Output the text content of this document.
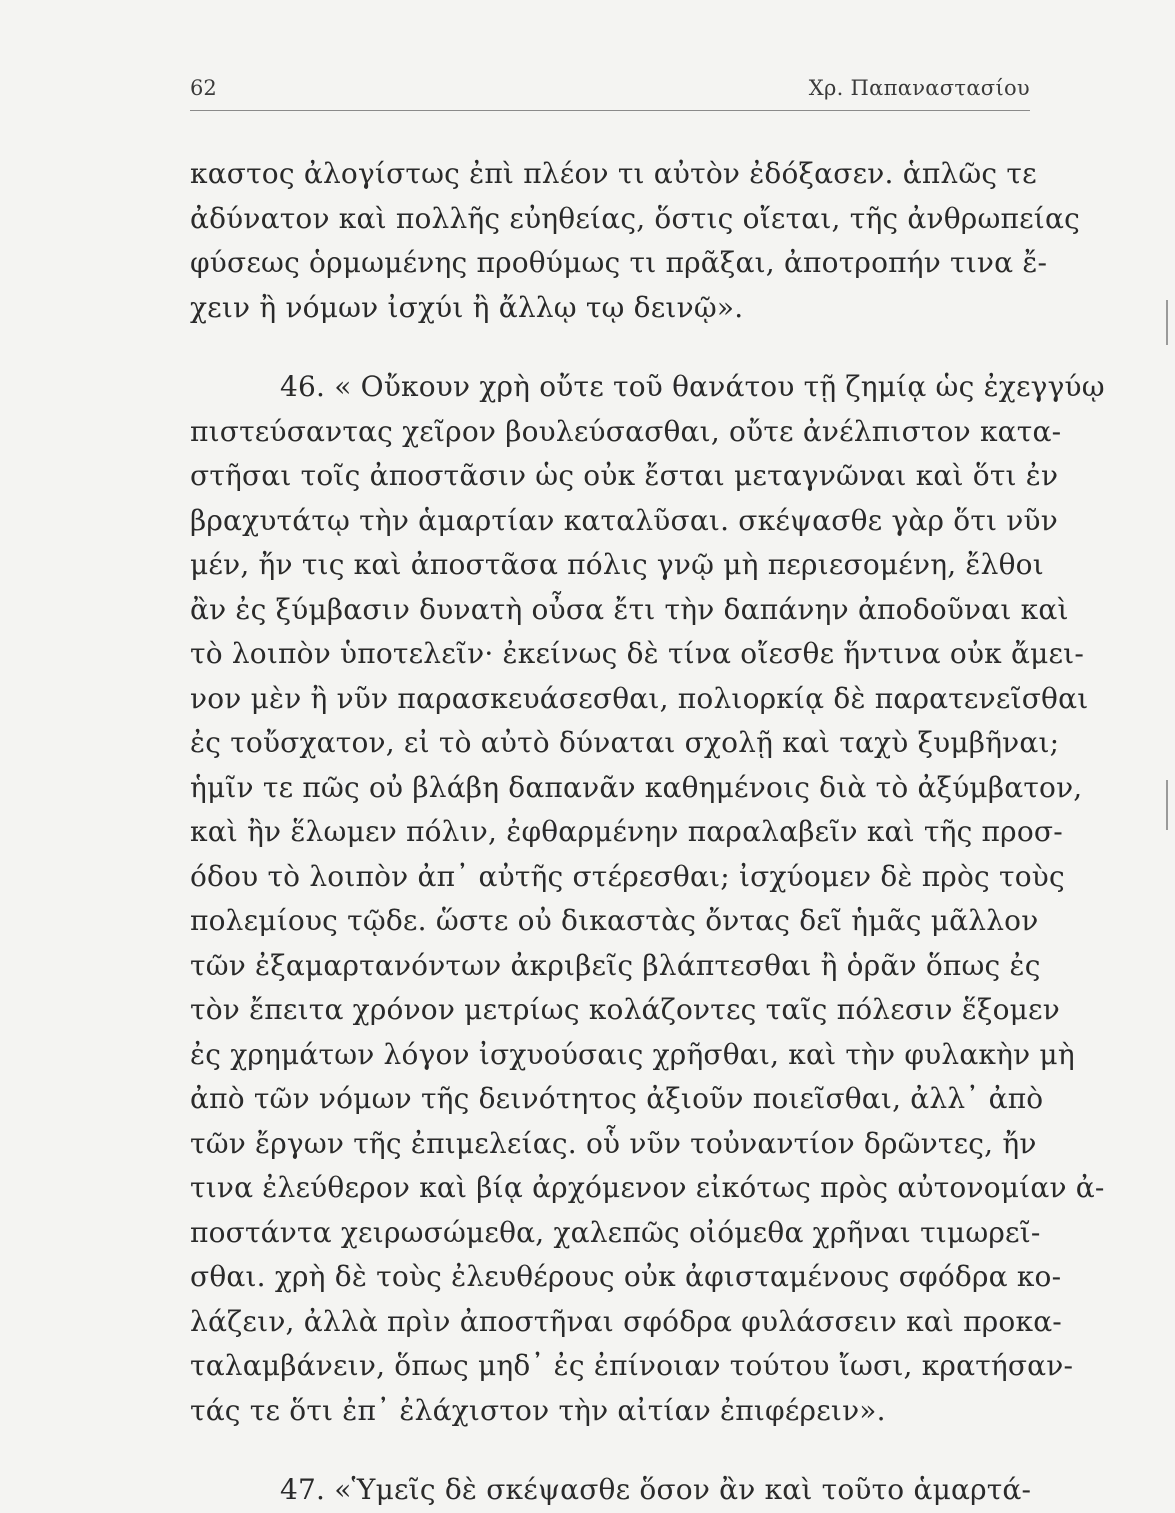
62	Χρ. Παπαναστασίου
καστος ἀλογίστως ἐπὶ πλέον τι αὐτὸν ἐδόξασεν. ἁπλῶς τε
ἀδύνατον καὶ πολλῆς εὐηθείας, ὅστις οἴεται, τῆς ἀνθρωπείας
φύσεως ὁρμωμένης προθύμως τι πρᾶξαι, ἀποτροπήν τινα ἔ-
χειν ἢ νόμων ἰσχύι ἢ ἄλλῳ τῳ δεινῷ».
46. « Οὔκουν χρὴ οὔτε τοῦ θανάτου τῇ ζημίᾳ ὡς ἐχεγγύῳ
πιστεύσαντας χεῖρον βουλεύσασθαι, οὔτε ἀνέλπιστον κατα-
στῆσαι τοῖς ἀποστᾶσιν ὡς οὐκ ἔσται μεταγνῶναι καὶ ὅτι ἐν
βραχυτάτῳ τὴν ἁμαρτίαν καταλῦσαι. σκέψασθε γὰρ ὅτι νῦν
μέν, ἤν τις καὶ ἀποστᾶσα πόλις γνῷ μὴ περιεσομένη, ἔλθοι
ἂν ἐς ξύμβασιν δυνατὴ οὖσα ἔτι τὴν δαπάνην ἀποδοῦναι καὶ
τὸ λοιπὸν ὑποτελεῖν· ἐκείνως δὲ τίνα οἴεσθε ἥντινα οὐκ ἄμει-
νον μὲν ἢ νῦν παρασκευάσεσθαι, πολιορκίᾳ δὲ παρατενεῖσθαι
ἐς τοὔσχατον, εἰ τὸ αὐτὸ δύναται σχολῇ καὶ ταχὺ ξυμβῆναι;
ἡμῖν τε πῶς οὐ βλάβη δαπανᾶν καθημένοις διὰ τὸ ἀξύμβατον,
καὶ ἢν ἕλωμεν πόλιν, ἐφθαρμένην παραλαβεῖν καὶ τῆς προσ-
όδου τὸ λοιπὸν ἀπ᾽ αὐτῆς στέρεσθαι; ἰσχύομεν δὲ πρὸς τοὺς
πολεμίους τῷδε. ὥστε οὐ δικαστὰς ὄντας δεῖ ἡμᾶς μᾶλλον
τῶν ἐξαμαρτανόντων ἀκριβεῖς βλάπτεσθαι ἢ ὁρᾶν ὅπως ἐς
τὸν ἔπειτα χρόνον μετρίως κολάζοντες ταῖς πόλεσιν ἕξομεν
ἐς χρημάτων λόγον ἰσχυούσαις χρῆσθαι, καὶ τὴν φυλακὴν μὴ
ἀπὸ τῶν νόμων τῆς δεινότητος ἀξιοῦν ποιεῖσθαι, ἀλλ᾽ ἀπὸ
τῶν ἔργων τῆς ἐπιμελείας. οὗ νῦν τοὐναντίον δρῶντες, ἤν
τινα ἐλεύθερον καὶ βίᾳ ἀρχόμενον εἰκότως πρὸς αὐτονομίαν ἀ-
ποστάντα χειρωσώμεθα, χαλεπῶς οἰόμεθα χρῆναι τιμωρεῖ-
σθαι. χρὴ δὲ τοὺς ἐλευθέρους οὐκ ἀφισταμένους σφόδρα κο-
λάζειν, ἀλλὰ πρὶν ἀποστῆναι σφόδρα φυλάσσειν καὶ προκα-
ταλαμβάνειν, ὅπως μηδ᾽ ἐς ἐπίνοιαν τούτου ἴωσι, κρατήσαν-
τάς τε ὅτι ἐπ᾽ ἐλάχιστον τὴν αἰτίαν ἐπιφέρειν».
47. «Ὑμεῖς δὲ σκέψασθε ὅσον ἂν καὶ τοῦτο ἁμαρτά-
